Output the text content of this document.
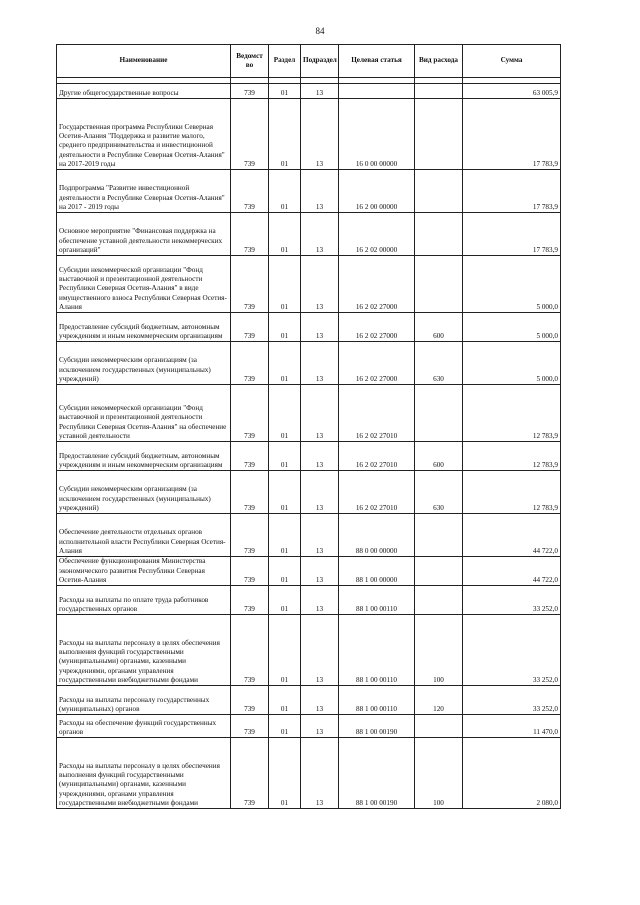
84
Наименование	Ведомст во	Раздел	Подраздел	Целевая статья	Вид расхода	Сумма

Другие общегосударственные вопросы	739	01	13			63 005,9
Государственная программа Республики Северная Осетия-Алания "Поддержка и развитие малого, среднего предпринимательства и инвестиционной деятельности в Республике Северная Осетия-Алания" на 2017-2019 годы	739	01	13	16 0 00 00000		17 783,9
Подпрограмма "Развитие инвестиционной деятельности в Республике Северная Осетия-Алания" на 2017 - 2019 годы	739	01	13	16 2 00 00000		17 783,9
Основное мероприятие "Финансовая поддержка на обеспечение уставной деятельности некоммерческих организаций"	739	01	13	16 2 02 00000		17 783,9
Субсидии некоммерческой организации "Фонд выставочной и презентационной деятельности Республики Северная Осетия-Алания" в виде имущественного взноса Республики Северная Осетия-Алания	739	01	13	16 2 02 27000		5 000,0
Предоставление субсидий бюджетным, автономным учреждениям и иным некоммерческим организациям	739	01	13	16 2 02 27000	600	5 000,0
Субсидии некоммерческим организациям (за исключением государственных (муниципальных) учреждений)	739	01	13	16 2 02 27000	630	5 000,0
Субсидии некоммерческой организации "Фонд выставочной и презентационной деятельности Республики Северная Осетия-Алания" на обеспечение уставной деятельности	739	01	13	16 2 02 27010		12 783,9
Предоставление субсидий бюджетным, автономным учреждениям и иным некоммерческим организациям	739	01	13	16 2 02 27010	600	12 783,9
Субсидии некоммерческим организациям (за исключением государственных (муниципальных) учреждений)	739	01	13	16 2 02 27010	630	12 783,9
Обеспечение деятельности отдельных органов исполнительной власти Республики Северная Осетия-Алания	739	01	13	88 0 00 00000		44 722,0
Обеспечение функционирования Министерства экономического развития Республики Северная Осетия-Алания	739	01	13	88 1 00 00000		44 722,0
Расходы на выплаты по оплате труда работников государственных органов	739	01	13	88 1 00 00110		33 252,0
Расходы на выплаты персоналу в целях обеспечения выполнения функций государственными (муниципальными) органами, казенными учреждениями, органами управления государственными внебюджетными фондами	739	01	13	88 1 00 00110	100	33 252,0
Расходы на выплаты персоналу государственных (муниципальных) органов	739	01	13	88 1 00 00110	120	33 252,0
Расходы на обеспечение функций государственных органов	739	01	13	88 1 00 00190		11 470,0
Расходы на выплаты персоналу в целях обеспечения выполнения функций государственными (муниципальными) органами, казенными учреждениями, органами управления государственными внебюджетными фондами	739	01	13	88 1 00 00190	100	2 080,0
